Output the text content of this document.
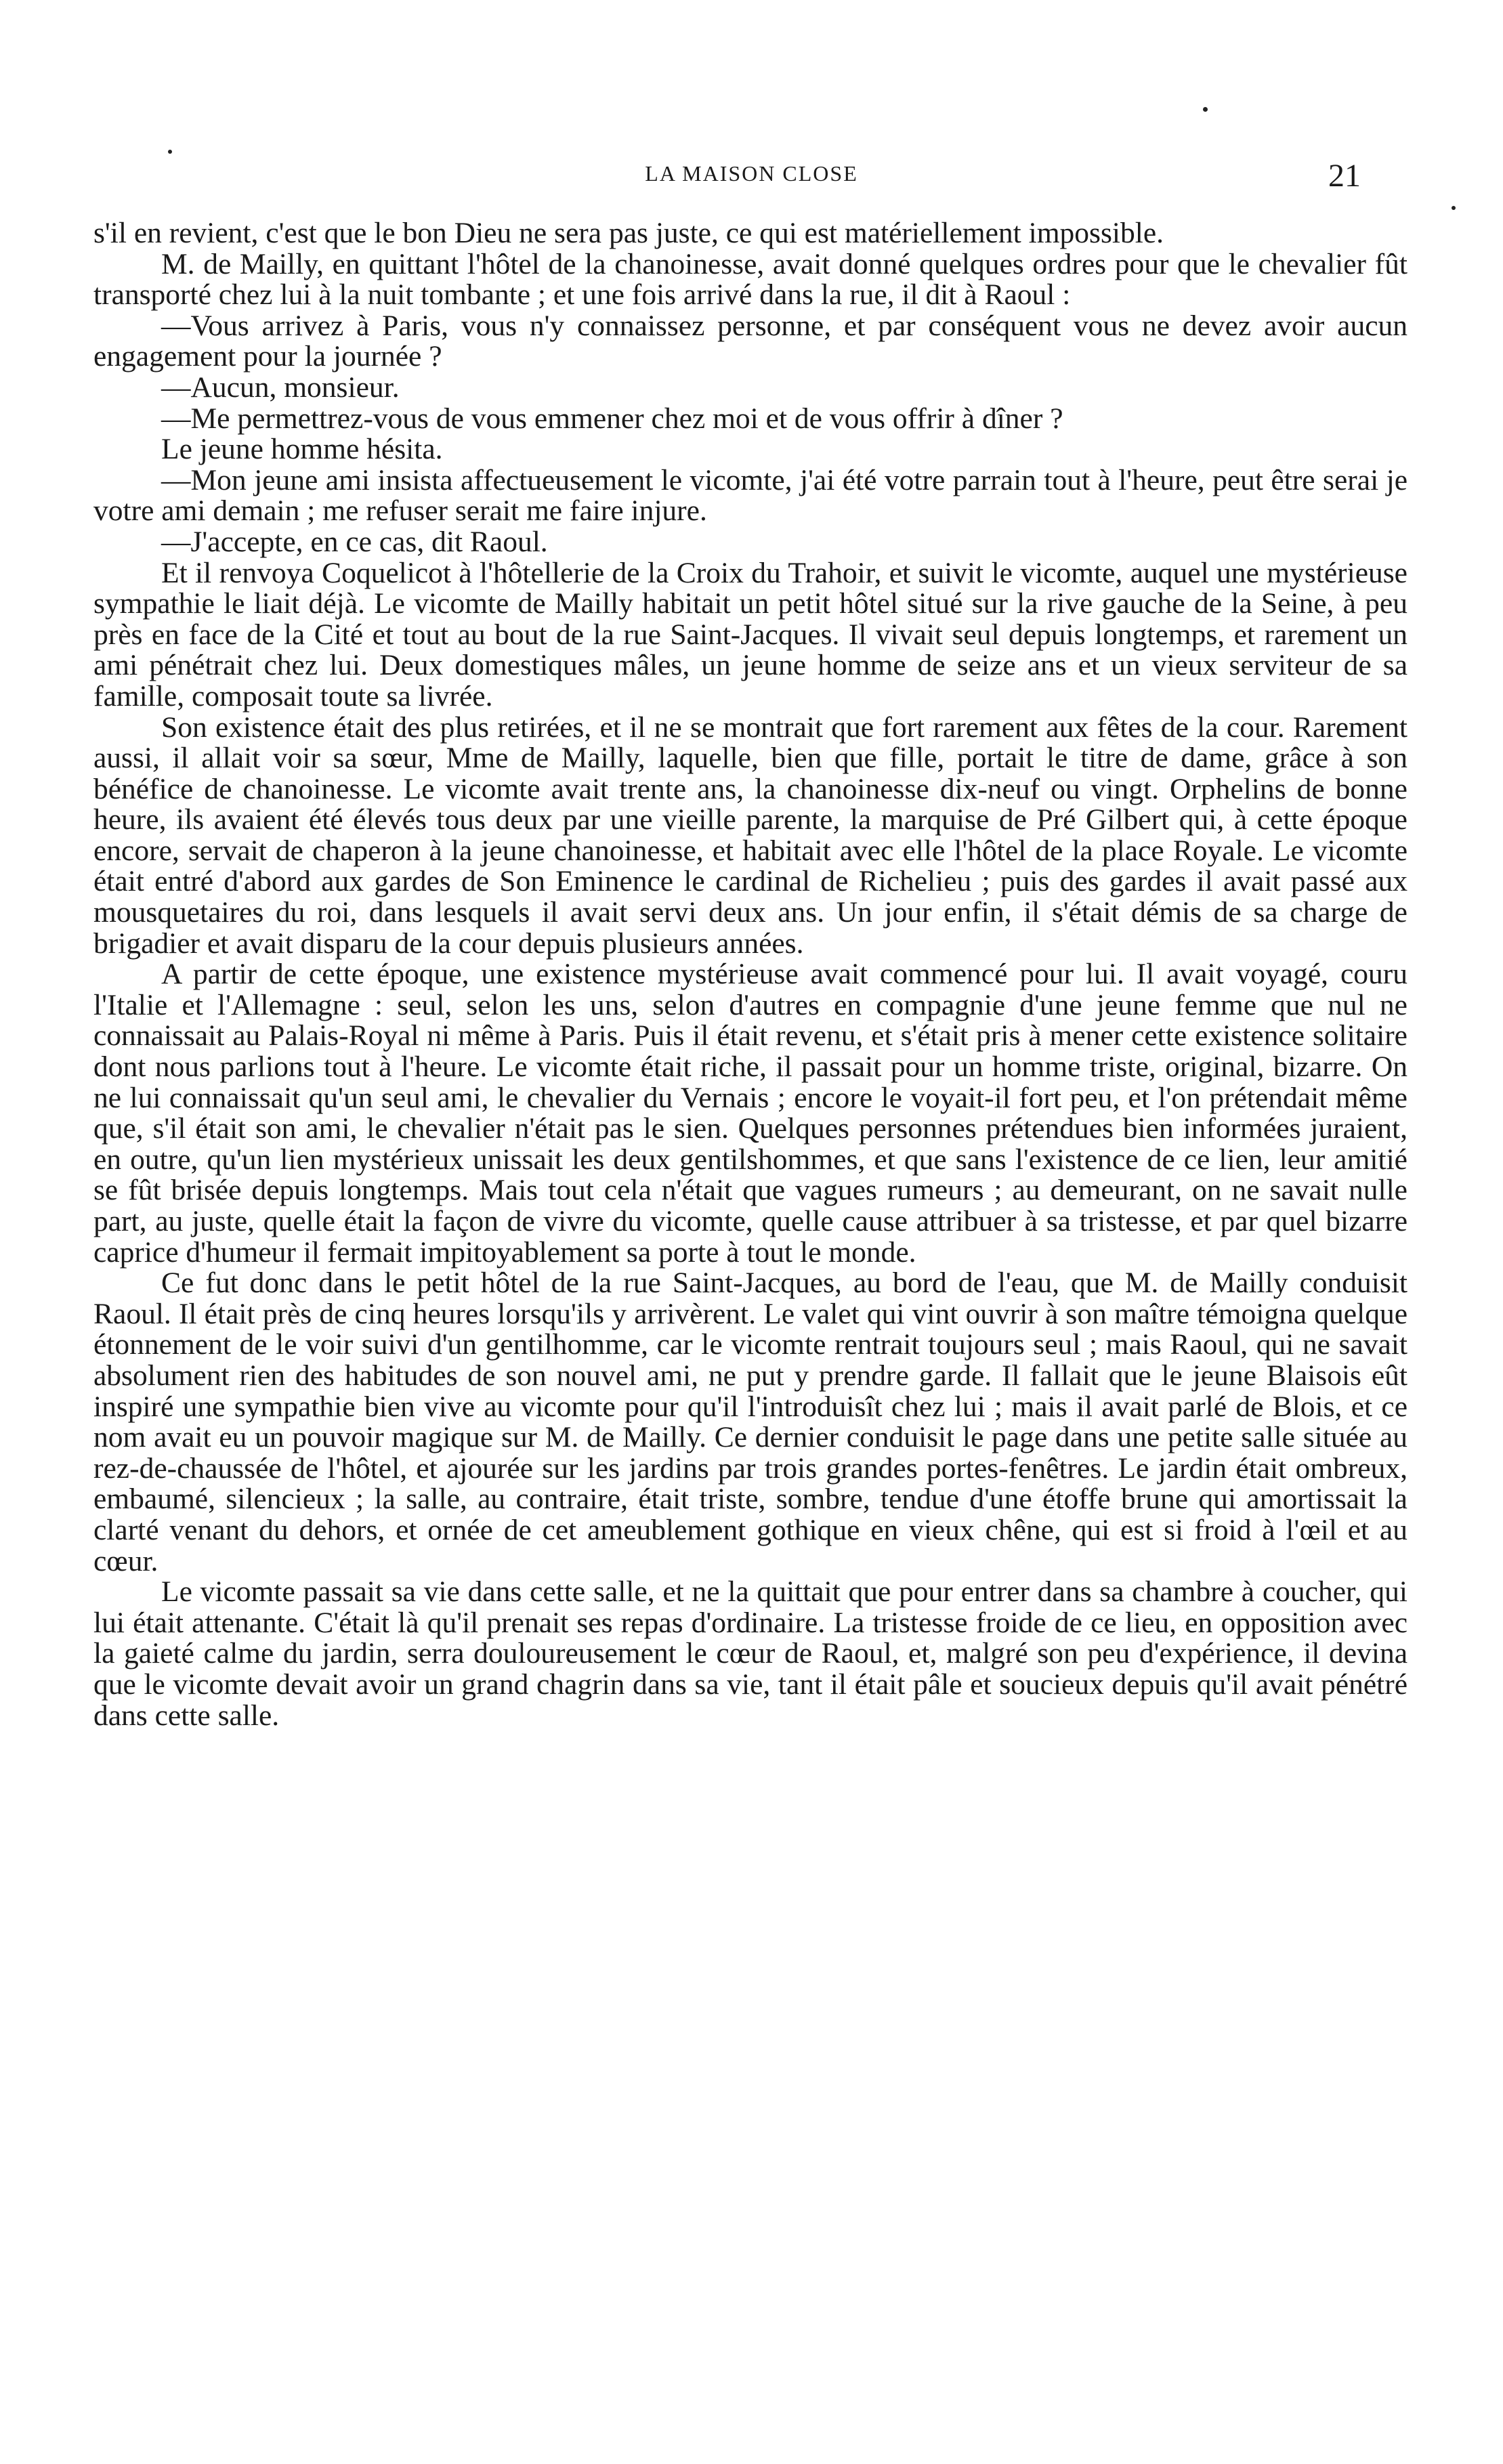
LA MAISON CLOSE	21

s'il en revient, c'est que le bon Dieu ne sera pas juste, ce qui est matériellement impossible.

M. de Mailly, en quittant l'hôtel de la chanoinesse, avait donné quelques ordres pour que le chevalier fût transporté chez lui à la nuit tombante ; et une fois arrivé dans la rue, il dit à Raoul :

—Vous arrivez à Paris, vous n'y connaissez personne, et par conséquent vous ne devez avoir aucun engagement pour la journée ?

—Aucun, monsieur.

—Me permettrez-vous de vous emmener chez moi et de vous offrir à dîner ?

Le jeune homme hésita.

—Mon jeune ami insista affectueusement le vicomte, j'ai été votre parrain tout à l'heure, peut être serai je votre ami demain ; me refuser serait me faire injure.

—J'accepte, en ce cas, dit Raoul.

Et il renvoya Coquelicot à l'hôtellerie de la Croix du Trahoir, et suivit le vicomte, auquel une mystérieuse sympathie le liait déjà. Le vicomte de Mailly habitait un petit hôtel situé sur la rive gauche de la Seine, à peu près en face de la Cité et tout au bout de la rue Saint-Jacques. Il vivait seul depuis longtemps, et rarement un ami pénétrait chez lui. Deux domestiques mâles, un jeune homme de seize ans et un vieux serviteur de sa famille, composait toute sa livrée.

Son existence était des plus retirées, et il ne se montrait que fort rarement aux fêtes de la cour. Rarement aussi, il allait voir sa sœur, Mme de Mailly, laquelle, bien que fille, portait le titre de dame, grâce à son bénéfice de chanoinesse. Le vicomte avait trente ans, la chanoinesse dix-neuf ou vingt. Orphelins de bonne heure, ils avaient été élevés tous deux par une vieille parente, la marquise de Pré Gilbert qui, à cette époque encore, servait de chaperon à la jeune chanoinesse, et habitait avec elle l'hôtel de la place Royale. Le vicomte était entré d'abord aux gardes de Son Eminence le cardinal de Richelieu ; puis des gardes il avait passé aux mousquetaires du roi, dans lesquels il avait servi deux ans. Un jour enfin, il s'était démis de sa charge de brigadier et avait disparu de la cour depuis plusieurs années.

A partir de cette époque, une existence mystérieuse avait commencé pour lui. Il avait voyagé, couru l'Italie et l'Allemagne : seul, selon les uns, selon d'autres en compagnie d'une jeune femme que nul ne connaissait au Palais-Royal ni même à Paris. Puis il était revenu, et s'était pris à mener cette existence solitaire dont nous parlions tout à l'heure. Le vicomte était riche, il passait pour un homme triste, original, bizarre. On ne lui connaissait qu'un seul ami, le chevalier du Vernais ; encore le voyait-il fort peu, et l'on prétendait même que, s'il était son ami, le chevalier n'était pas le sien. Quelques personnes prétendues bien informées juraient, en outre, qu'un lien mystérieux unissait les deux gentilshommes, et que sans l'existence de ce lien, leur amitié se fût brisée depuis longtemps. Mais tout cela n'était que vagues rumeurs ; au demeurant, on ne savait nulle part, au juste, quelle était la façon de vivre du vicomte, quelle cause attribuer à sa tristesse, et par quel bizarre caprice d'humeur il fermait impitoyablement sa porte à tout le monde.

Ce fut donc dans le petit hôtel de la rue Saint-Jacques, au bord de l'eau, que M. de Mailly conduisit Raoul. Il était près de cinq heures lorsqu'ils y arrivèrent. Le valet qui vint ouvrir à son maître témoigna quelque étonnement de le voir suivi d'un gentilhomme, car le vicomte rentrait toujours seul ; mais Raoul, qui ne savait absolument rien des habitudes de son nouvel ami, ne put y prendre garde. Il fallait que le jeune Blaisois eût inspiré une sympathie bien vive au vicomte pour qu'il l'introduisît chez lui ; mais il avait parlé de Blois, et ce nom avait eu un pouvoir magique sur M. de Mailly. Ce dernier conduisit le page dans une petite salle située au rez-de-chaussée de l'hôtel, et ajourée sur les jardins par trois grandes portes-fenêtres. Le jardin était ombreux, embaumé, silencieux ; la salle, au contraire, était triste, sombre, tendue d'une étoffe brune qui amortissait la clarté venant du dehors, et ornée de cet ameublement gothique en vieux chêne, qui est si froid à l'œil et au cœur.

Le vicomte passait sa vie dans cette salle, et ne la quittait que pour entrer dans sa chambre à coucher, qui lui était attenante. C'était là qu'il prenait ses repas d'ordinaire. La tristesse froide de ce lieu, en opposition avec la gaieté calme du jardin, serra douloureusement le cœur de Raoul, et, malgré son peu d'expérience, il devina que le vicomte devait avoir un grand chagrin dans sa vie, tant il était pâle et soucieux depuis qu'il avait pénétré dans cette salle.
